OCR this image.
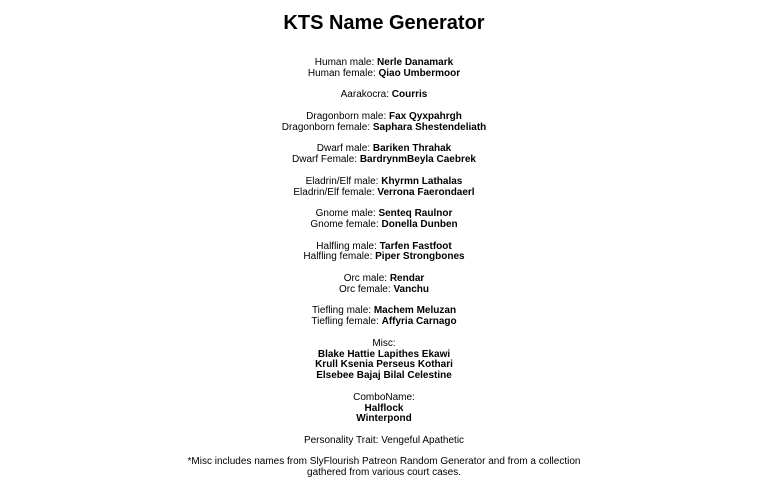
KTS Name Generator
Human male: Nerle Danamark
Human female: Qiao Umbermoor
Aarakocra: Courris
Dragonborn male: Fax Qyxpahrgh
Dragonborn female: Saphara Shestendeliath
Dwarf male: Bariken Thrahak
Dwarf Female: BardrynmBeyla Caebrek
Eladrin/Elf male: Khyrmn Lathalas
Eladrin/Elf female: Verrona Faerondaerl
Gnome male: Senteq Raulnor
Gnome female: Donella Dunben
Halfling male: Tarfen Fastfoot
Halfling female: Piper Strongbones
Orc male: Rendar
Orc female: Vanchu
Tiefling male: Machem Meluzan
Tiefling female: Affyria Carnago
Misc:
Blake Hattie Lapithes Ekawi
Krull Ksenia Perseus Kothari
Elsebee Bajaj Bilal Celestine
ComboName:
Halflock
Winterpond
Personality Trait: Vengeful Apathetic
*Misc includes names from SlyFlourish Patreon Random Generator and from a collection
gathered from various court cases.
